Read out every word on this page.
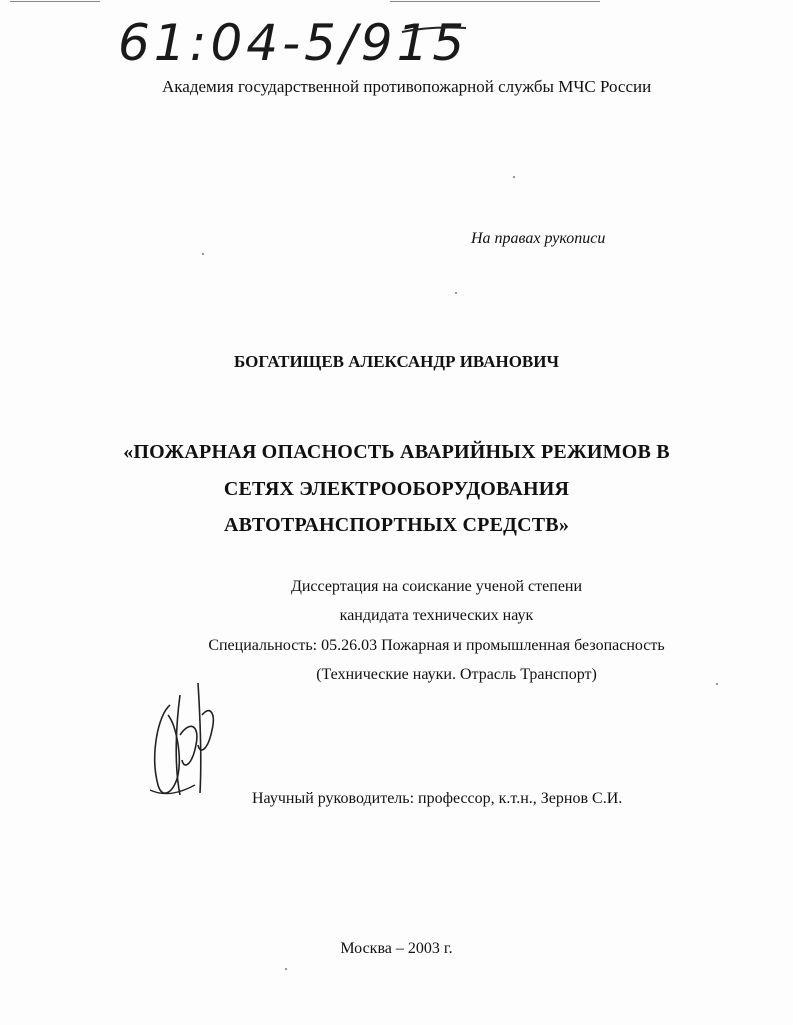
61:04-5/915
Академия государственной противопожарной службы МЧС России
На правах рукописи
БОГАТИЩЕВ АЛЕКСАНДР ИВАНОВИЧ
«ПОЖАРНАЯ ОПАСНОСТЬ АВАРИЙНЫХ РЕЖИМОВ В
СЕТЯХ ЭЛЕКТРООБОРУДОВАНИЯ
АВТОТРАНСПОРТНЫХ СРЕДСТВ»
Диссертация на соискание ученой степени
кандидата технических наук
Специальность: 05.26.03 Пожарная и промышленная безопасность
(Технические науки. Отрасль Транспорт)
Научный руководитель: профессор, к.т.н., Зернов С.И.
Москва – 2003 г.
